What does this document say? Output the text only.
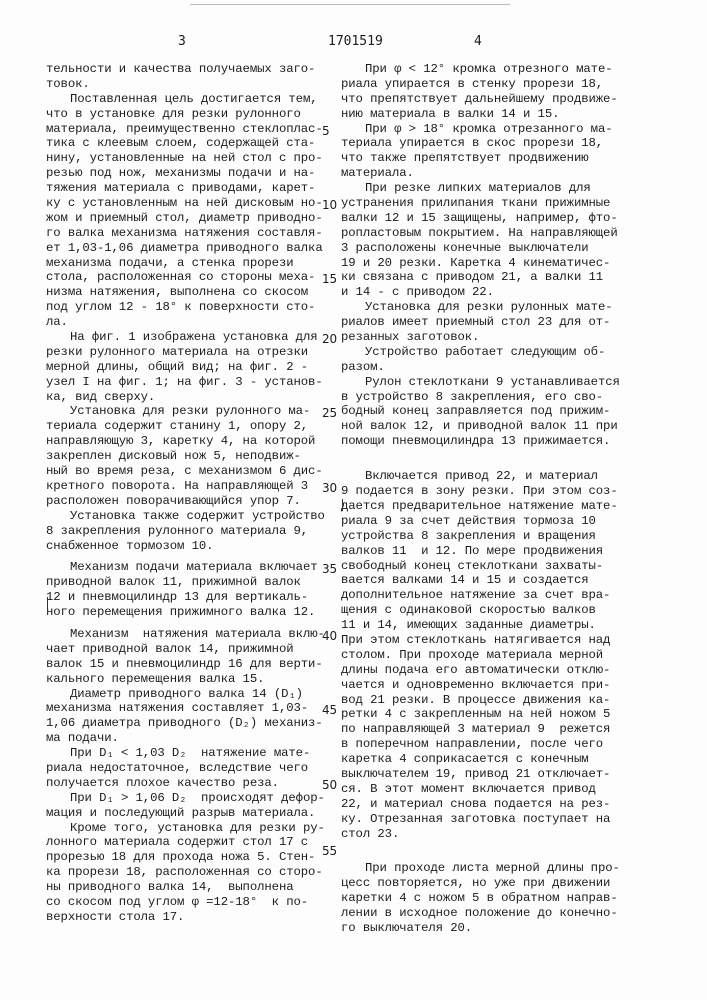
3	1701519	4
тельности и качества получаемых заго-
товок.
Поставленная цель достигается тем,
что в установке для резки рулонного
материала, преимущественно стеклоплас- 5
тика с клеевым слоем, содержащей ста-
нину, установленные на ней стол с про-
резью под нож, механизмы подачи и на-
тяжения материала с приводами, карет-
ку с установленным на ней дисковым но- 10
жом и приемный стол, диаметр приводно-
го валка механизма натяжения составля-
ет 1,03-1,06 диаметра приводного валка
механизма подачи, а стенка прорези
стола, расположенная со стороны меха- 15
низма натяжения, выполнена со скосом
под углом 12 - 18° к поверхности сто-
ла.
На фиг. 1 изображена установка для 20
резки рулонного материала на отрезки
мерной длины, общий вид; на фиг. 2 -
узел I на фиг. 1; на фиг. 3 - установ-
ка, вид сверху.
Установка для резки рулонного ма- 25
териала содержит станину 1, опору 2,
направляющую 3, каретку 4, на которой
закреплен дисковый нож 5, неподвиж-
ный во время реза, с механизмом 6 дис-
кретного поворота. На направляющей 3 30
расположен поворачивающийся упор 7.
Установка также содержит устройство
8 закрепления рулонного материала 9,
снабженное тормозом 10.
Механизм подачи материала включает 35
приводной валок 11, прижимной валок
12 и пневмоцилиндр 13 для вертикаль-
ного перемещения прижимного валка 12.
Механизм  натяжения материала вклю-
40
чает приводной валок 14, прижимной
валок 15 и пневмоцилиндр 16 для верти-
кального перемещения валка 15.
Диаметр приводного валка 14 (D₁)
механизма натяжения составляет 1,03- 45
1,06 диаметра приводного (D₂) механиз-
ма подачи.
При D₁ < 1,03 D₂  натяжение мате-
риала недостаточное, вследствие чего
получается плохое качество реза.	50
При D₁ > 1,06 D₂  происходят дефор-
мация и последующий разрыв материала.
Кроме того, установка для резки ру-
лонного материала содержит стол 17 с
прорезью 18 для прохода ножа 5. Стен- 55
ка прорези 18, расположенная со сторо-
ны приводного валка 14,  выполнена
со скосом под углом φ =12-18°  к по-
верхности стола 17.
При φ < 12° кромка отрезного мате-
риала упирается в стенку прорези 18,
что препятствует дальнейшему продвиже-
нию материала в валки 14 и 15.
При φ > 18° кромка отрезанного ма-
териала упирается в скос прорези 18,
что также препятствует продвижению
материала.
При резке липких материалов для
устранения прилипания ткани прижимные
валки 12 и 15 защищены, например, фто-
ропластовым покрытием. На направляющей
3 расположены конечные выключатели
19 и 20 резки. Каретка 4 кинематичес-
ки связана с приводом 21, а валки 11
и 14 - с приводом 22.
Установка для резки рулонных мате-
риалов имеет приемный стол 23 для от-
резанных заготовок.
Устройство работает следующим об-
разом.
Рулон стеклоткани 9 устанавливается
в устройство 8 закрепления, его сво-
бодный конец заправляется под прижим-
ной валок 12, и приводной валок 11 при
помощи пневмоцилиндра 13 прижимается.
Включается привод 22, и материал
9 подается в зону резки. При этом соз-
дается предварительное натяжение мате-
риала 9 за счет действия тормоза 10
устройства 8 закрепления и вращения
валков 11  и 12. По мере продвижения
свободный конец стеклоткани захваты-
вается валками 14 и 15 и создается
дополнительное натяжение за счет вра-
щения с одинаковой скоростью валков
11 и 14, имеющих заданные диаметры.
При этом стеклоткань натягивается над
столом. При проходе материала мерной
длины подача его автоматически отклю-
чается и одновременно включается при-
вод 21 резки. В процессе движения ка-
ретки 4 с закрепленным на ней ножом 5
по направляющей 3 материал 9  режется
в поперечном направлении, после чего
каретка 4 соприкасается с конечным
выключателем 19, привод 21 отключает-
ся. В этот момент включается привод
22, и материал снова подается на рез-
ку. Отрезанная заготовка поступает на
стол 23.
При проходе листа мерной длины про-
цесс повторяется, но уже при движении
каретки 4 с ножом 5 в обратном направ-
лении в исходное положение до конечно-
го выключателя 20.
